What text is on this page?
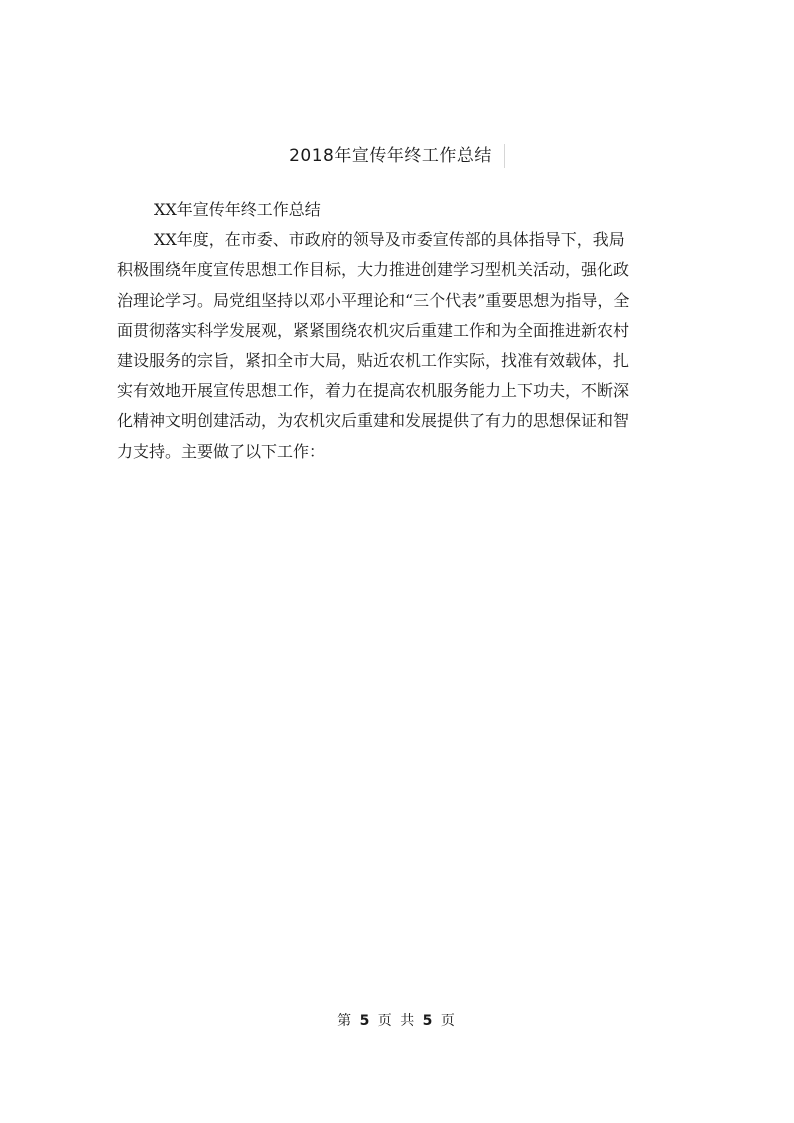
2018年宣传年终工作总结

XX年宣传年终工作总结

XX年度，在市委、市政府的领导及市委宣传部的具体指导下，我局积极围绕年度宣传思想工作目标，大力推进创建学习型机关活动，强化政治理论学习。局党组坚持以邓小平理论和“三个代表”重要思想为指导，全面贯彻落实科学发展观，紧紧围绕农机灾后重建工作和为全面推进新农村建设服务的宗旨，紧扣全市大局，贴近农机工作实际，找准有效载体，扎实有效地开展宣传思想工作，着力在提高农机服务能力上下功夫，不断深化精神文明创建活动，为农机灾后重建和发展提供了有力的思想保证和智力支持。主要做了以下工作：

第 5 页 共 5 页
